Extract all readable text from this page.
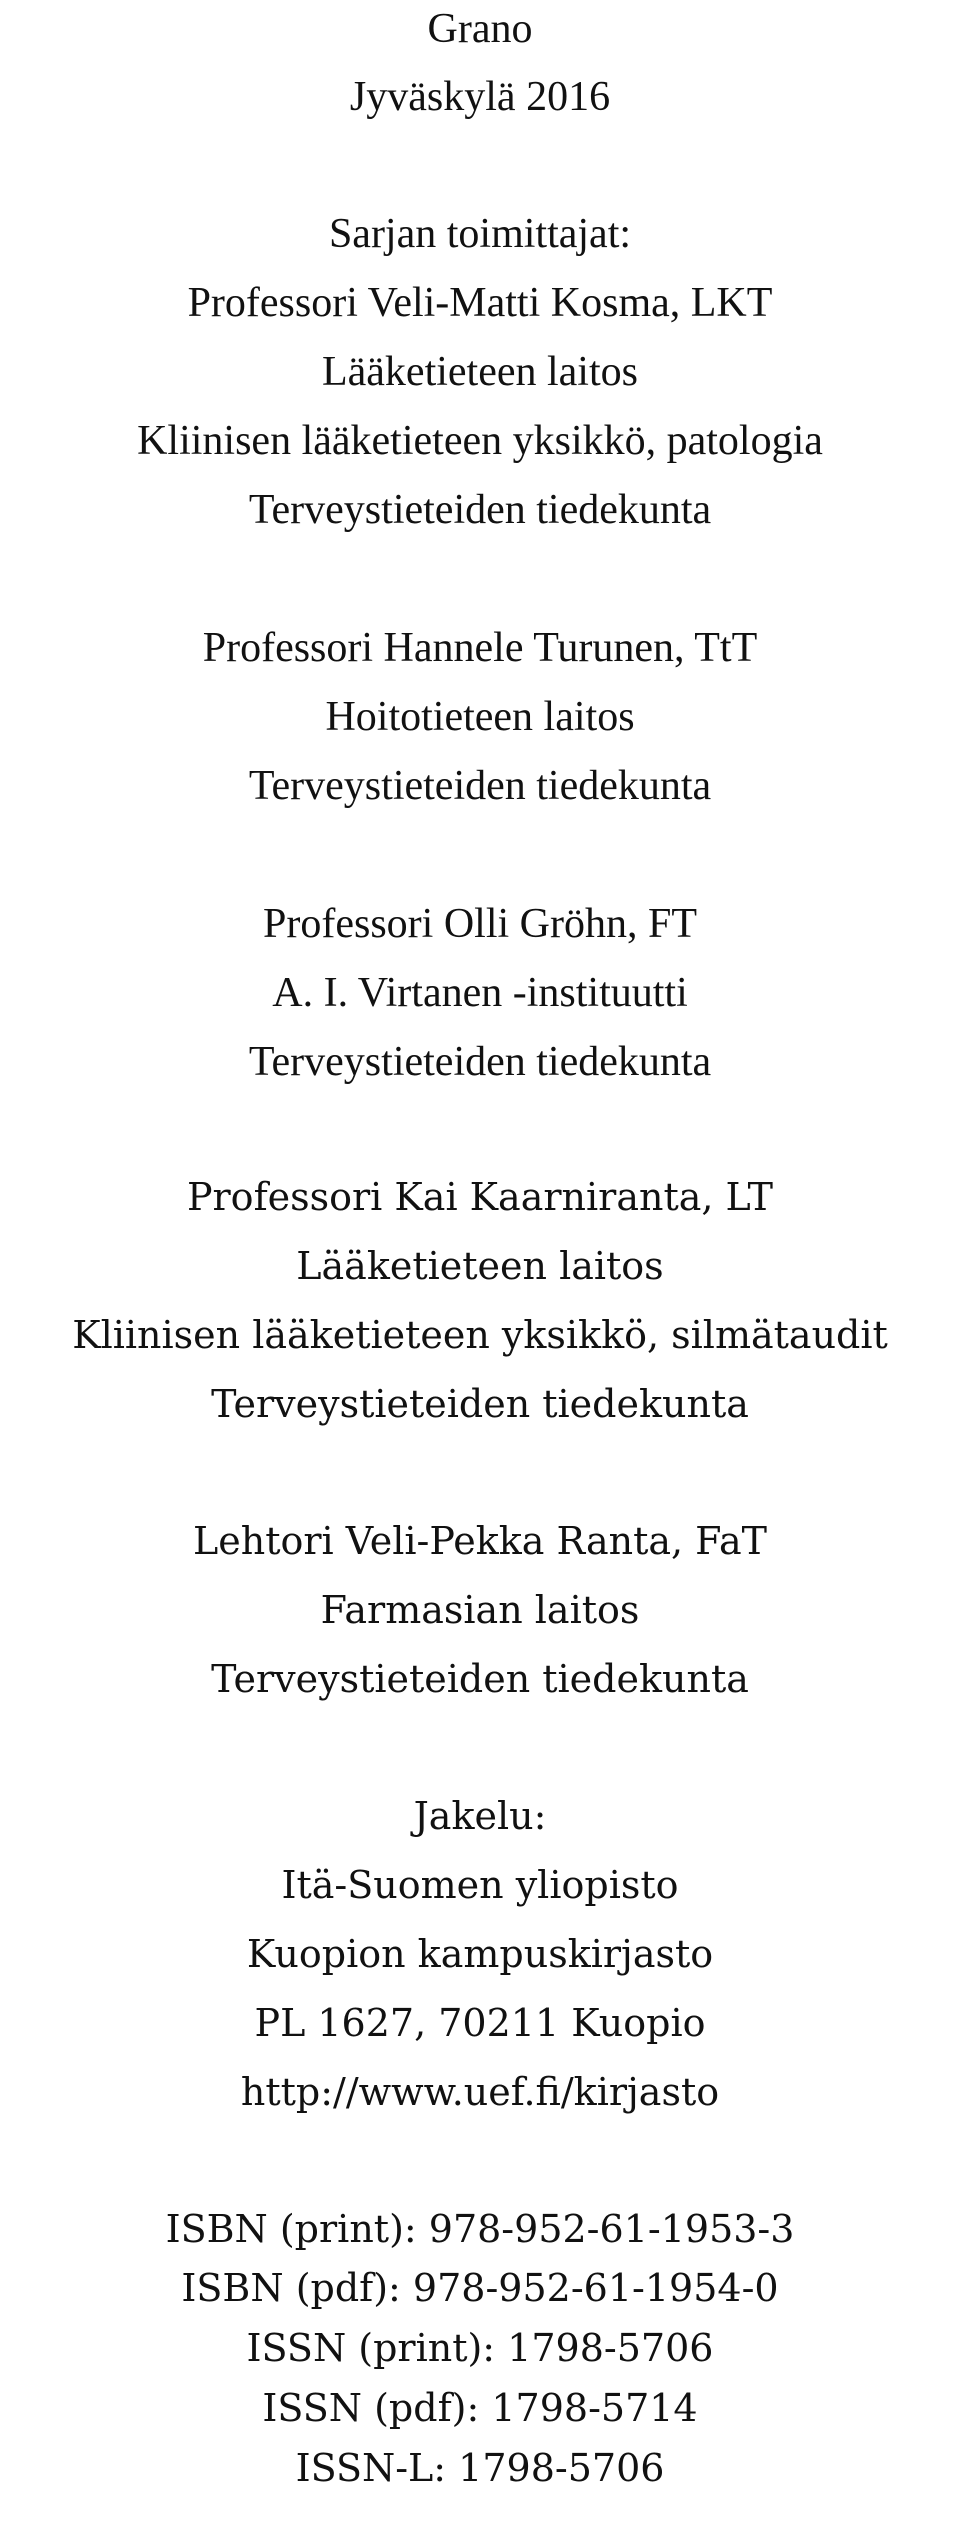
Grano
Jyväskylä 2016
Sarjan toimittajat:
Professori Veli-Matti Kosma, LKT
Lääketieteen laitos
Kliinisen lääketieteen yksikkö, patologia
Terveystieteiden tiedekunta
Professori Hannele Turunen, TtT
Hoitotieteen laitos
Terveystieteiden tiedekunta
Professori Olli Gröhn, FT
A. I. Virtanen -instituutti
Terveystieteiden tiedekunta
Professori Kai Kaarniranta, LT
Lääketieteen laitos
Kliinisen lääketieteen yksikkö, silmätaudit
Terveystieteiden tiedekunta
Lehtori Veli-Pekka Ranta, FaT
Farmasian laitos
Terveystieteiden tiedekunta
Jakelu:
Itä-Suomen yliopisto
Kuopion kampuskirjasto
PL 1627, 70211 Kuopio
http://www.uef.fi/kirjasto
ISBN (print): 978-952-61-1953-3
ISBN (pdf): 978-952-61-1954-0
ISSN (print): 1798-5706
ISSN (pdf): 1798-5714
ISSN-L: 1798-5706
